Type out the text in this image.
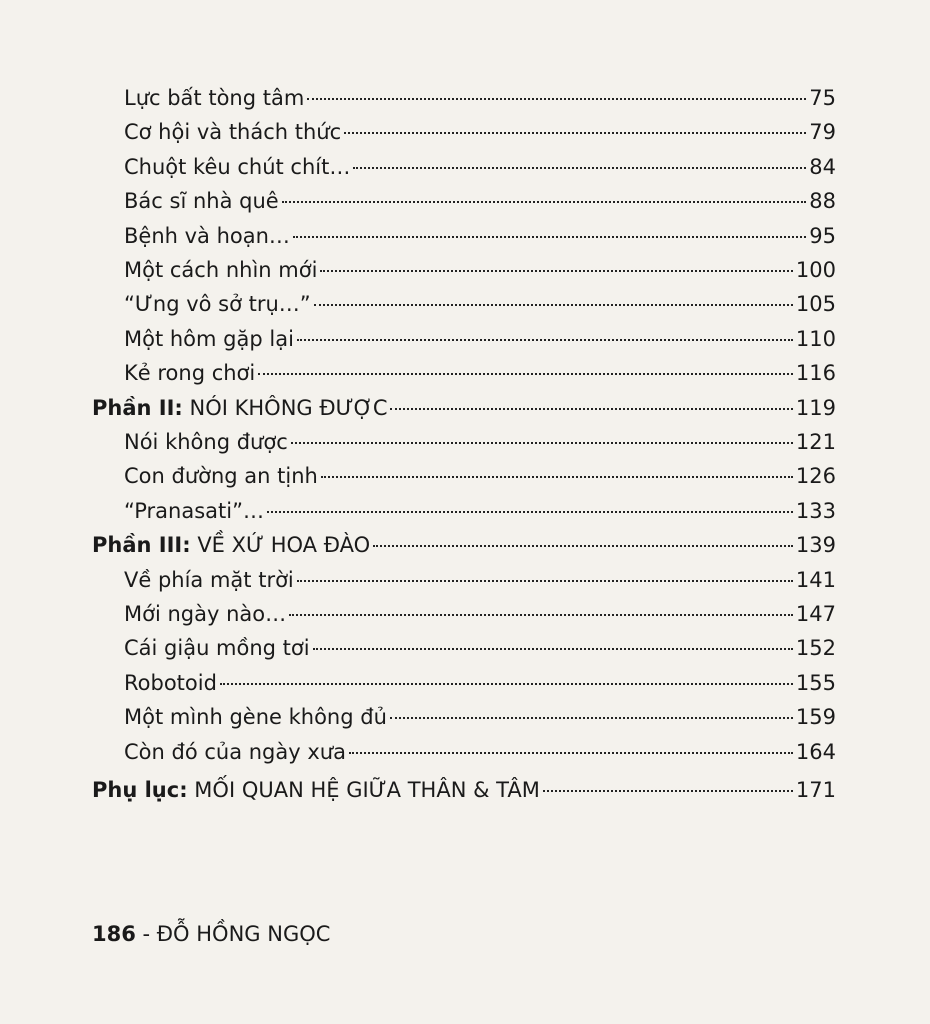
Lực bất tòng tâm	75
Cơ hội và thách thức	79
Chuột kêu chút chít…	84
Bác sĩ nhà quê	88
Bệnh và hoạn…	95
Một cách nhìn mới	100
“Ưng vô sở trụ…”	105
Một hôm gặp lại	110
Kẻ rong chơi	116
Phần II: NÓI KHÔNG ĐƯỢC	119
Nói không được	121
Con đường an tịnh	126
“Pranasati”…	133
Phần III: VỀ XỨ HOA ĐÀO	139
Về phía mặt trời	141
Mới ngày nào…	147
Cái giậu mồng tơi	152
Robotoid	155
Một mình gène không đủ	159
Còn đó của ngày xưa	164
Phụ lục: MỐI QUAN HỆ GIỮA THÂN & TÂM	171
186 - ĐỖ HỒNG NGỌC
